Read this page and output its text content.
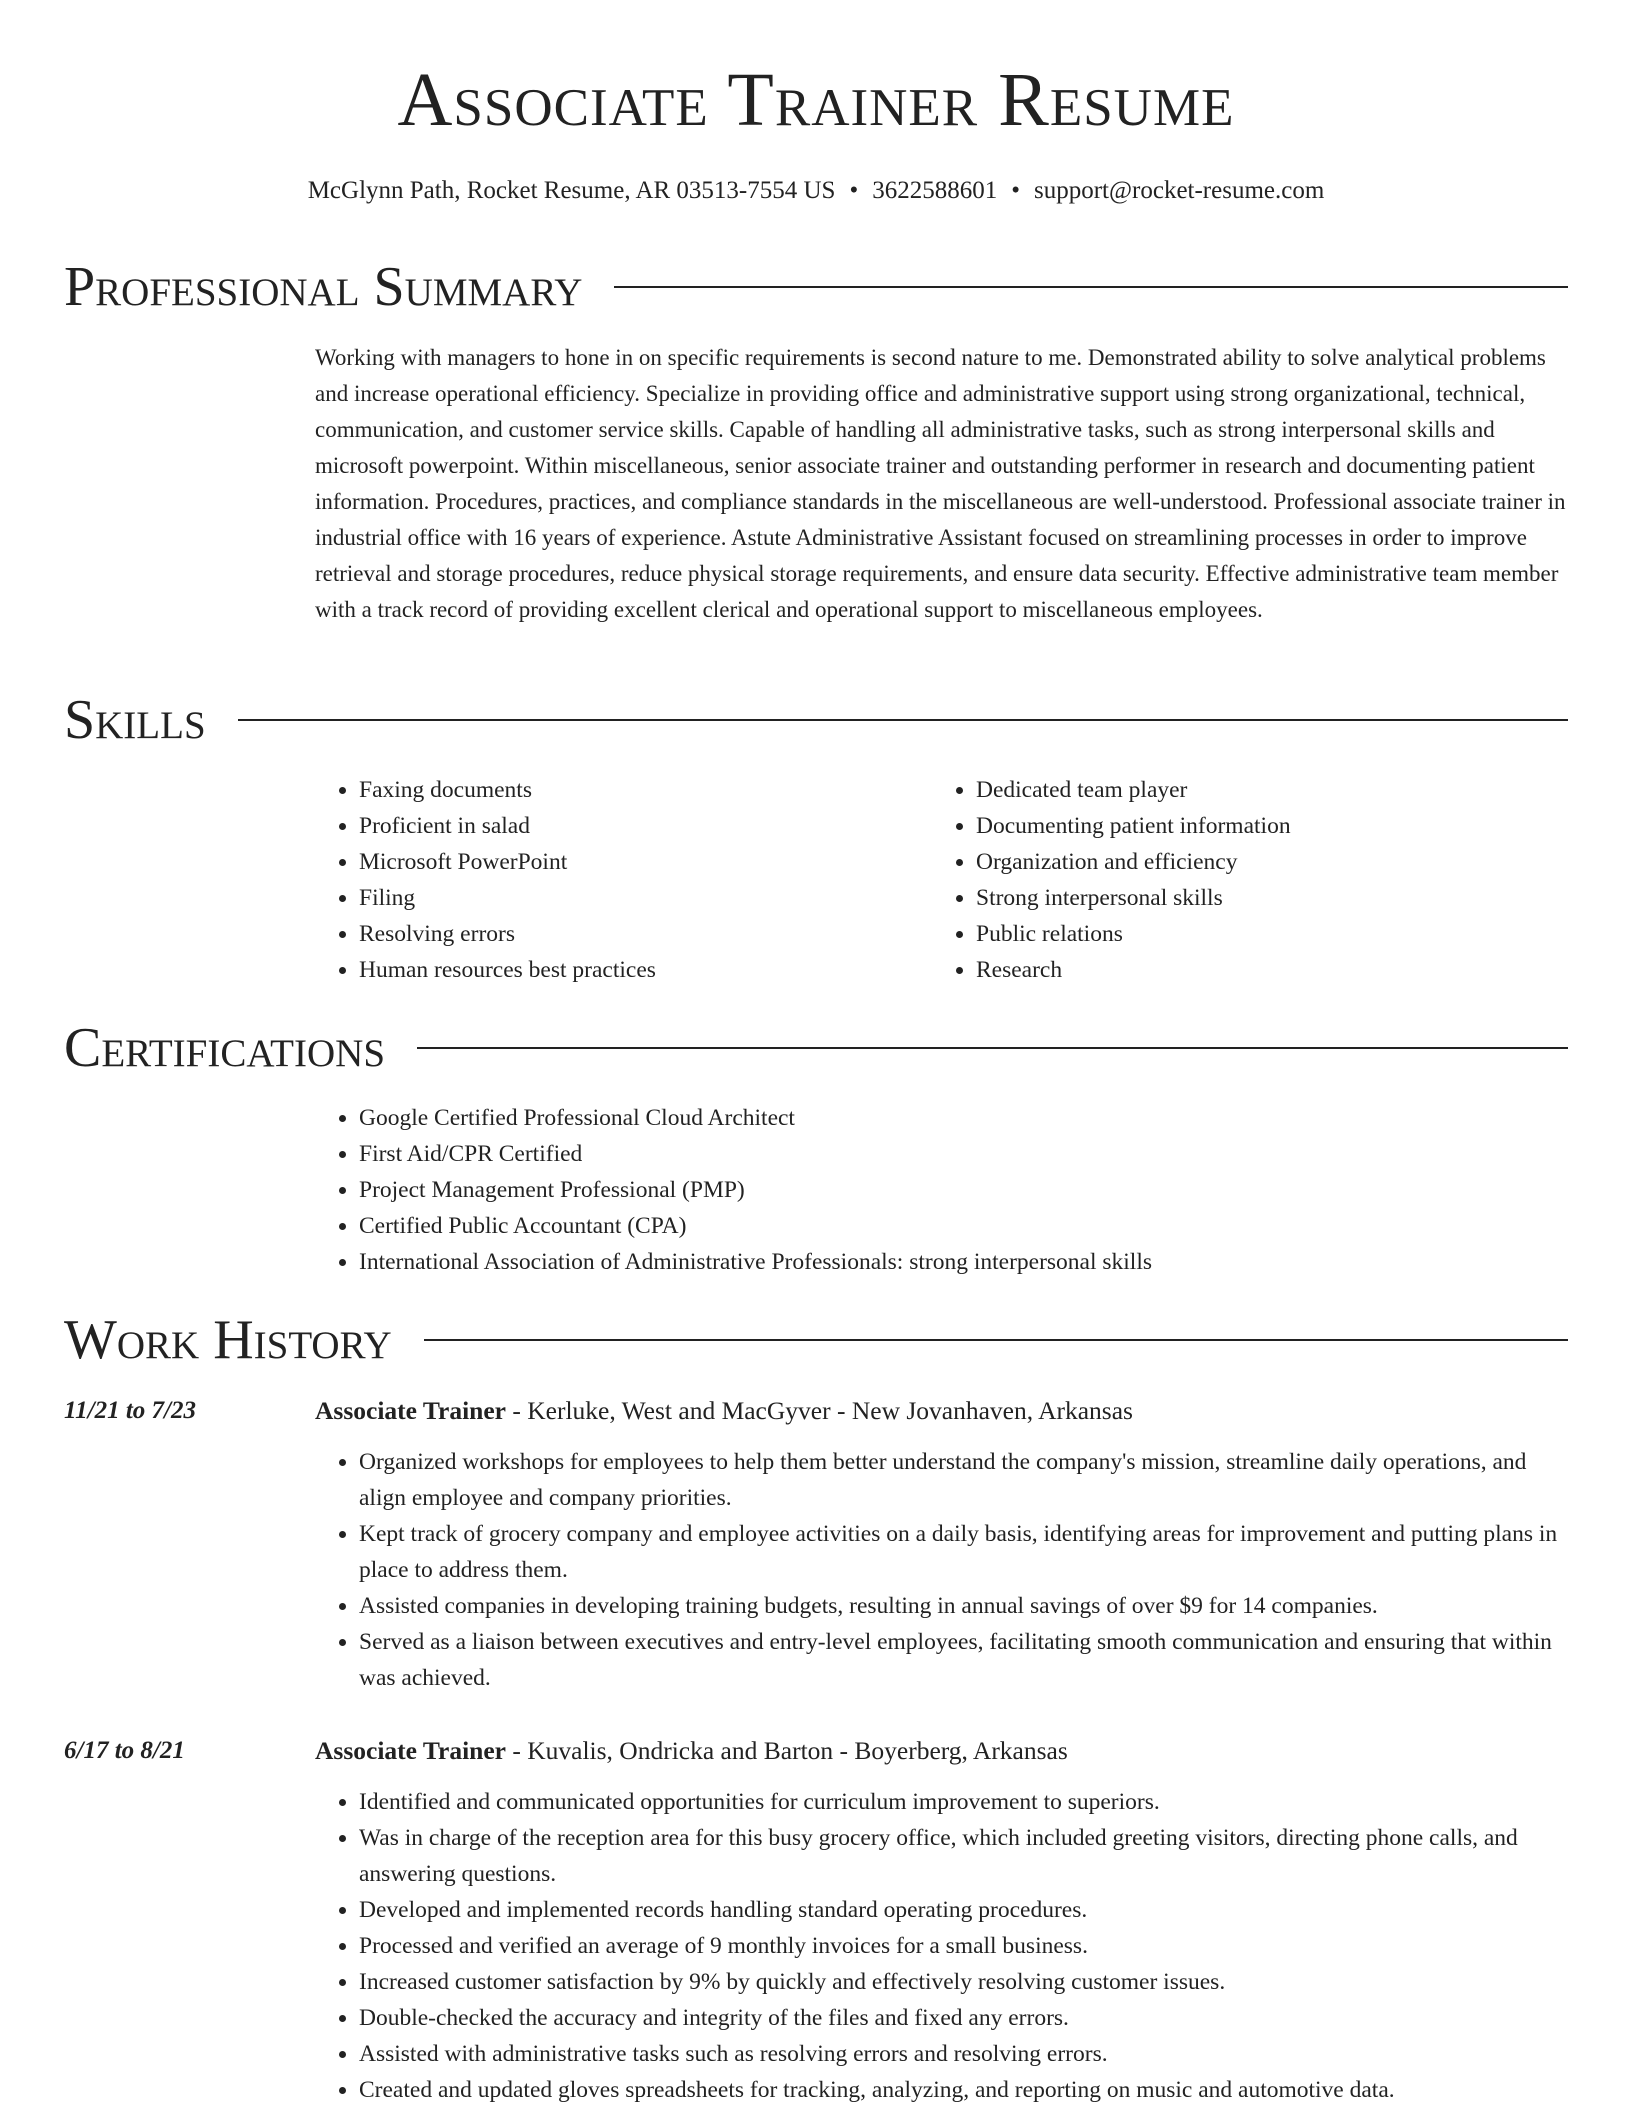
Associate Trainer Resume
McGlynn Path, Rocket Resume, AR 03513-7554 US • 3622588601 • support@rocket-resume.com
Professional Summary

Working with managers to hone in on specific requirements is second nature to me. Demonstrated ability to solve analytical problems and increase operational efficiency. Specialize in providing office and administrative support using strong organizational, technical, communication, and customer service skills. Capable of handling all administrative tasks, such as strong interpersonal skills and microsoft powerpoint. Within miscellaneous, senior associate trainer and outstanding performer in research and documenting patient information. Procedures, practices, and compliance standards in the miscellaneous are well-understood. Professional associate trainer in industrial office with 16 years of experience. Astute Administrative Assistant focused on streamlining processes in order to improve retrieval and storage procedures, reduce physical storage requirements, and ensure data security. Effective administrative team member with a track record of providing excellent clerical and operational support to miscellaneous employees.

Skills
• Faxing documents
• Proficient in salad
• Microsoft PowerPoint
• Filing
• Resolving errors
• Human resources best practices
• Dedicated team player
• Documenting patient information
• Organization and efficiency
• Strong interpersonal skills
• Public relations
• Research
Certifications
• Google Certified Professional Cloud Architect
• First Aid/CPR Certified
• Project Management Professional (PMP)
• Certified Public Accountant (CPA)
• International Association of Administrative Professionals: strong interpersonal skills
Work History
11/21 to 7/23	Associate Trainer - Kerluke, West and MacGyver - New Jovanhaven, Arkansas
• Organized workshops for employees to help them better understand the company's mission, streamline daily operations, and align employee and company priorities.
• Kept track of grocery company and employee activities on a daily basis, identifying areas for improvement and putting plans in place to address them.
• Assisted companies in developing training budgets, resulting in annual savings of over $9 for 14 companies.
• Served as a liaison between executives and entry-level employees, facilitating smooth communication and ensuring that within was achieved.
6/17 to 8/21	Associate Trainer - Kuvalis, Ondricka and Barton - Boyerberg, Arkansas
• Identified and communicated opportunities for curriculum improvement to superiors.
• Was in charge of the reception area for this busy grocery office, which included greeting visitors, directing phone calls, and answering questions.
• Developed and implemented records handling standard operating procedures.
• Processed and verified an average of 9 monthly invoices for a small business.
• Increased customer satisfaction by 9% by quickly and effectively resolving customer issues.
• Double-checked the accuracy and integrity of the files and fixed any errors.
• Assisted with administrative tasks such as resolving errors and resolving errors.
• Created and updated gloves spreadsheets for tracking, analyzing, and reporting on music and automotive data.
